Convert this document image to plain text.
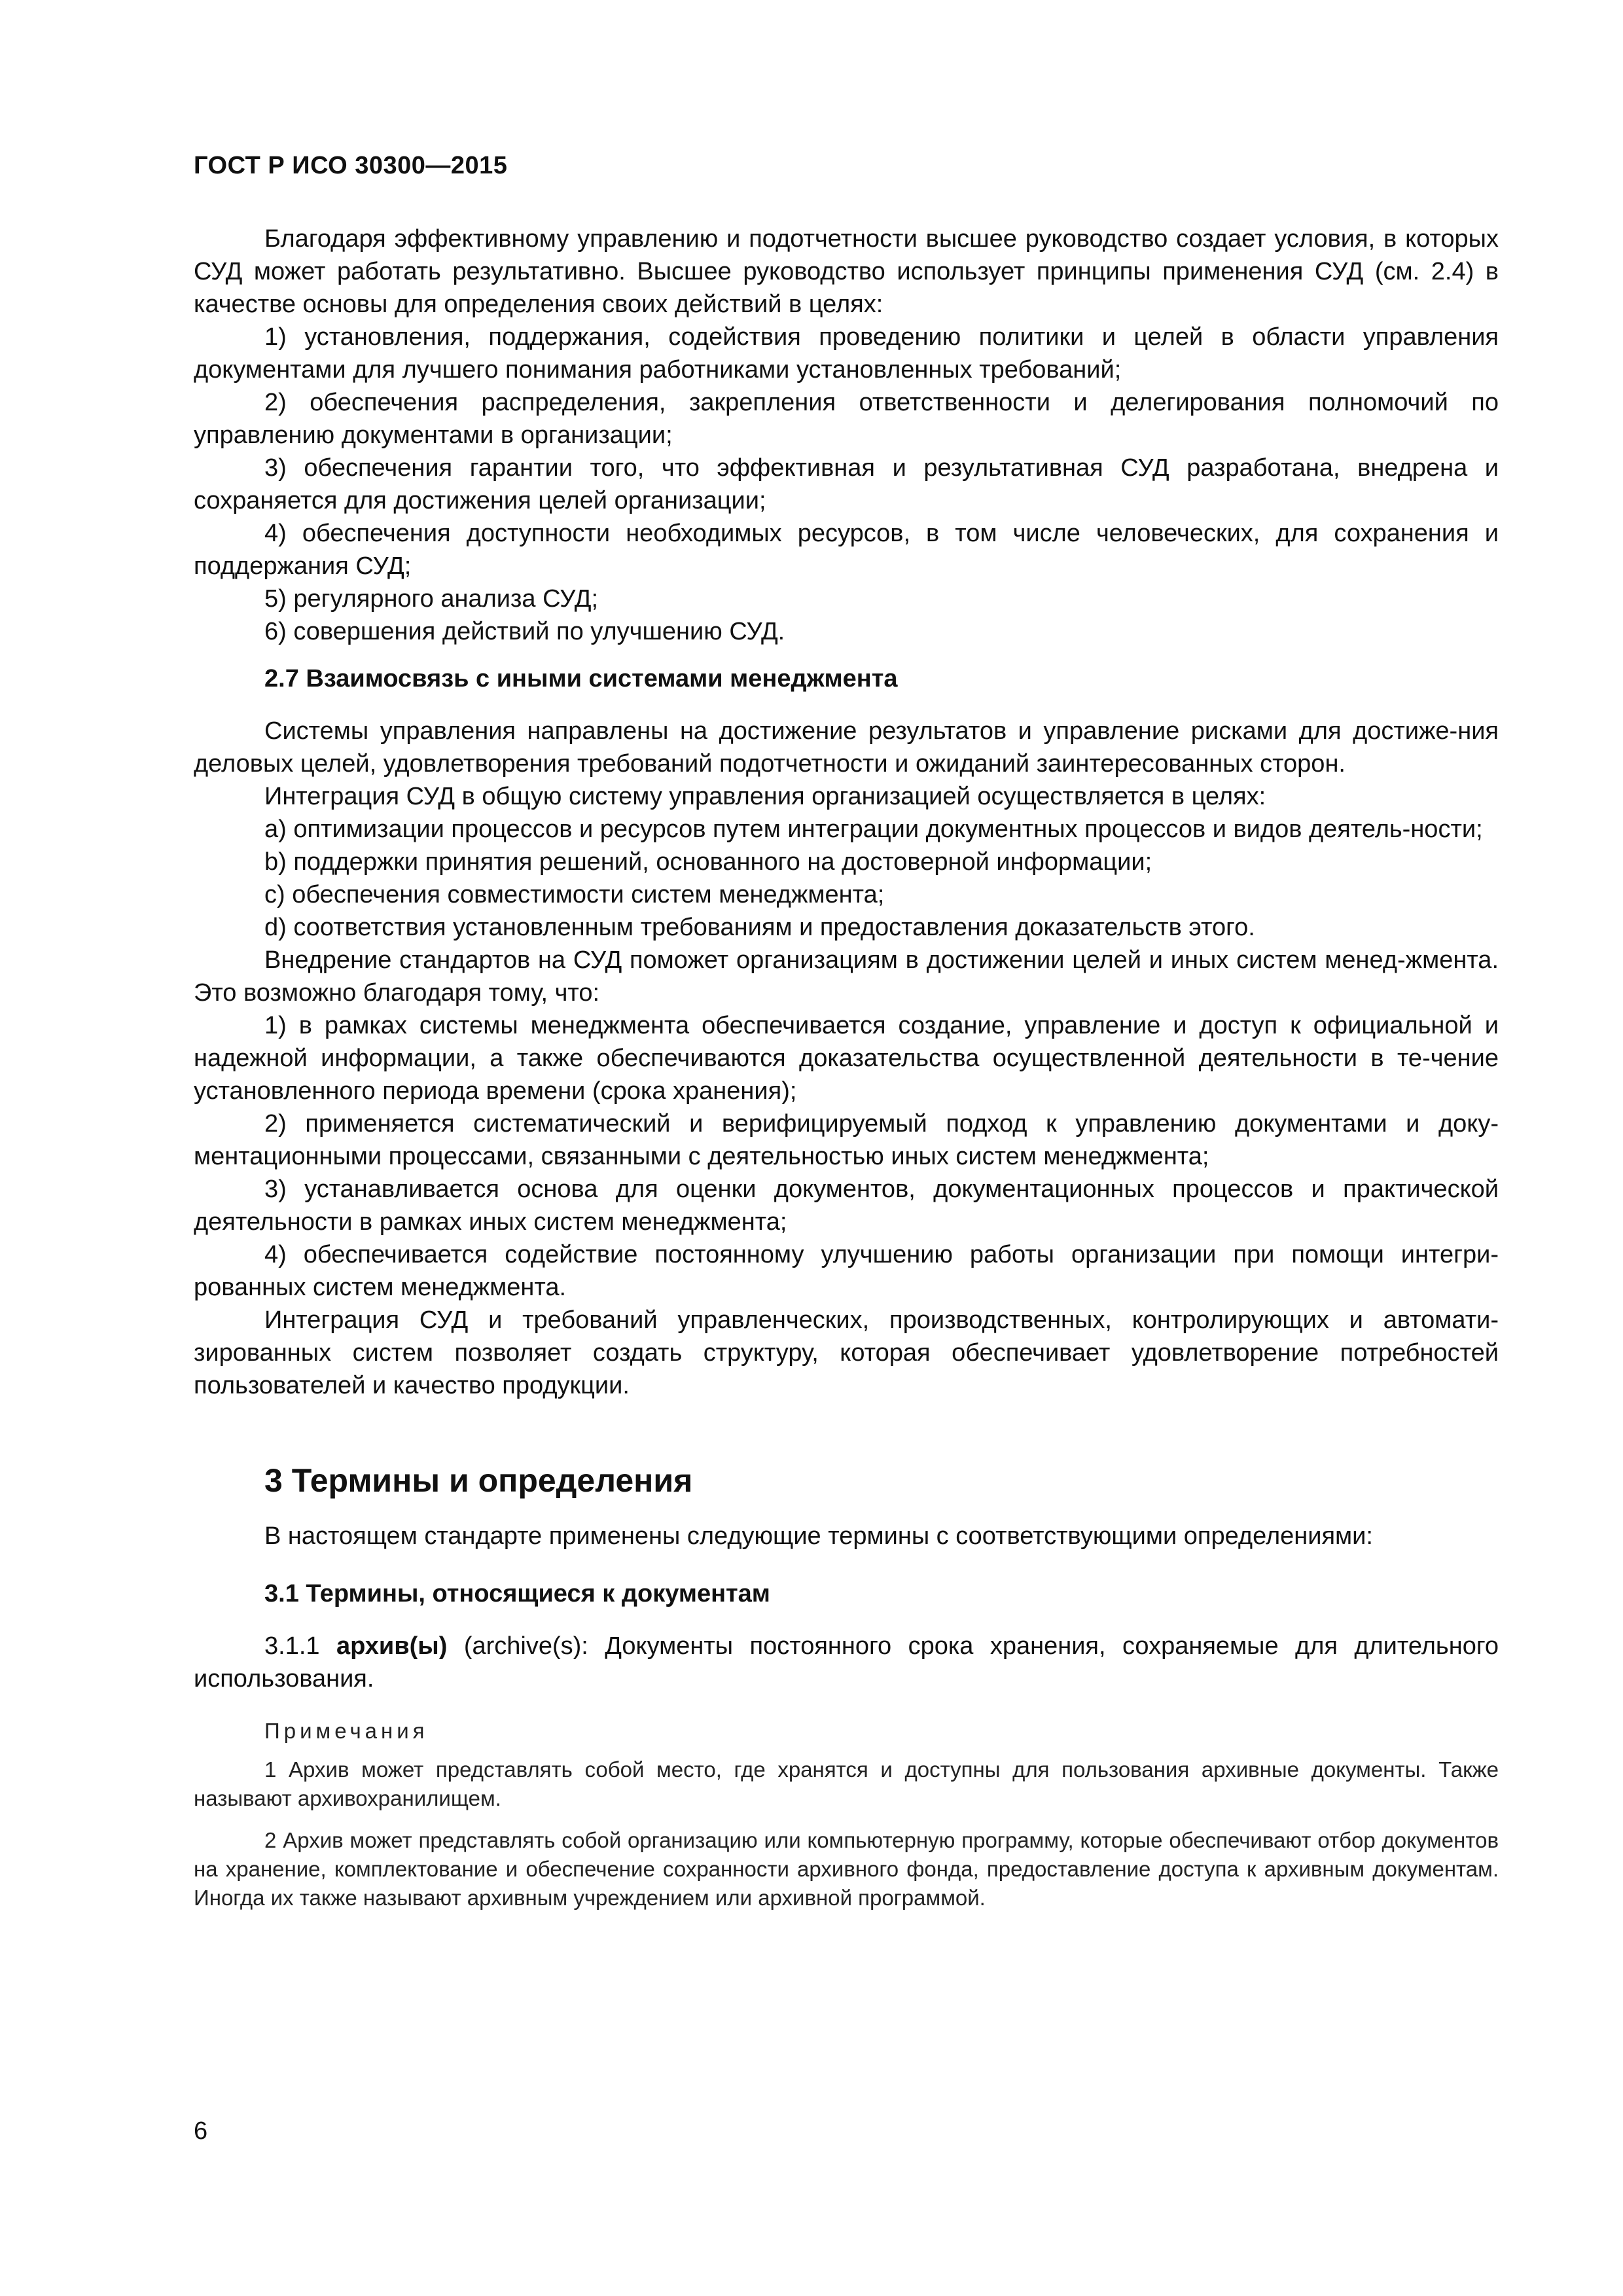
ГОСТ Р ИСО 30300—2015

Благодаря эффективному управлению и подотчетности высшее руководство создает условия, в которых СУД может работать результативно. Высшее руководство использует принципы применения СУД (см. 2.4) в качестве основы для определения своих действий в целях:

1) установления, поддержания, содействия проведению политики и целей в области управления документами для лучшего понимания работниками установленных требований;

2) обеспечения распределения, закрепления ответственности и делегирования полномочий по управлению документами в организации;

3) обеспечения гарантии того, что эффективная и результативная СУД разработана, внедрена и сохраняется для достижения целей организации;

4) обеспечения доступности необходимых ресурсов, в том числе человеческих, для сохранения и поддержания СУД;

5) регулярного анализа СУД;

6) совершения действий по улучшению СУД.

2.7 Взаимосвязь с иными системами менеджмента

Системы управления направлены на достижение результатов и управление рисками для достиже-ния деловых целей, удовлетворения требований подотчетности и ожиданий заинтересованных сторон.

Интеграция СУД в общую систему управления организацией осуществляется в целях:

а) оптимизации процессов и ресурсов путем интеграции документных процессов и видов деятель-ности;

b) поддержки принятия решений, основанного на достоверной информации;

c) обеспечения совместимости систем менеджмента;

d) соответствия установленным требованиям и предоставления доказательств этого.

Внедрение стандартов на СУД поможет организациям в достижении целей и иных систем менед-жмента. Это возможно благодаря тому, что:

1) в рамках системы менеджмента обеспечивается создание, управление и доступ к официальной и надежной информации, а также обеспечиваются доказательства осуществленной деятельности в те-чение установленного периода времени (срока хранения);

2) применяется систематический и верифицируемый подход к управлению документами и доку-ментационными процессами, связанными с деятельностью иных систем менеджмента;

3) устанавливается основа для оценки документов, документационных процессов и практической деятельности в рамках иных систем менеджмента;

4) обеспечивается содействие постоянному улучшению работы организации при помощи интегри-рованных систем менеджмента.

Интеграция СУД и требований управленческих, производственных, контролирующих и автомати-зированных систем позволяет создать структуру, которая обеспечивает удовлетворение потребностей пользователей и качество продукции.

3 Термины и определения

В настоящем стандарте применены следующие термины с соответствующими определениями:

3.1 Термины, относящиеся к документам

3.1.1 архив(ы) (archive(s): Документы постоянного срока хранения, сохраняемые для длительного использования.

Примечания

1 Архив может представлять собой место, где хранятся и доступны для пользования архивные документы. Также называют архивохранилищем.

2 Архив может представлять собой организацию или компьютерную программу, которые обеспечивают отбор документов на хранение, комплектование и обеспечение сохранности архивного фонда, предоставление доступа к архивным документам. Иногда их также называют архивным учреждением или архивной программой.

6
